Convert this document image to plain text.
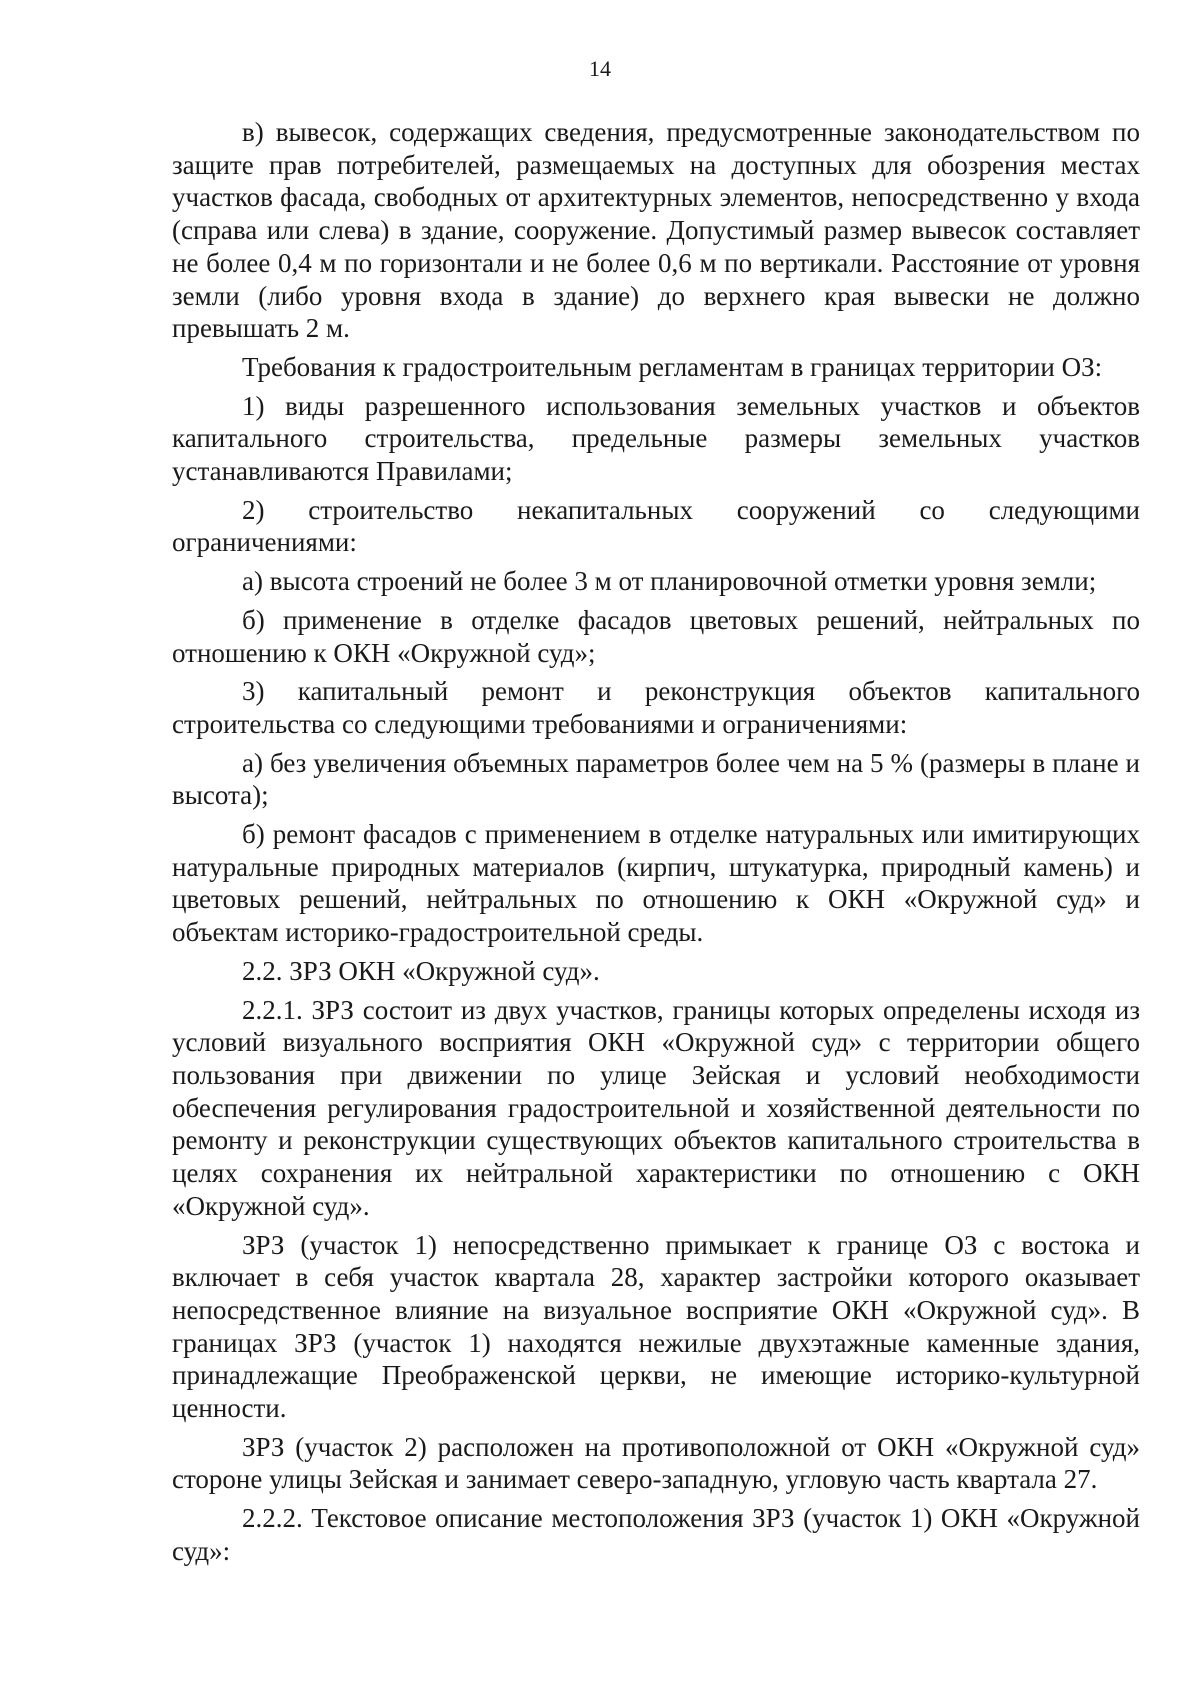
14

в) вывесок, содержащих сведения, предусмотренные законодательством по защите прав потребителей, размещаемых на доступных для обозрения местах участков фасада, свободных от архитектурных элементов, непосредственно у входа (справа или слева) в здание, сооружение. Допустимый размер вывесок составляет не более 0,4 м по горизонтали и не более 0,6 м по вертикали. Расстояние от уровня земли (либо уровня входа в здание) до верхнего края вывески не должно превышать 2 м.

Требования к градостроительным регламентам в границах территории ОЗ:

1) виды разрешенного использования земельных участков и объектов капитального строительства, предельные размеры земельных участков устанавливаются Правилами;

2) строительство некапитальных сооружений со следующими ограничениями:

а) высота строений не более 3 м от планировочной отметки уровня земли;

б) применение в отделке фасадов цветовых решений, нейтральных по отношению к ОКН «Окружной суд»;

3) капитальный ремонт и реконструкция объектов капитального строительства со следующими требованиями и ограничениями:

а) без увеличения объемных параметров более чем на 5 % (размеры в плане и высота);

б) ремонт фасадов с применением в отделке натуральных или имитирующих натуральные природных материалов (кирпич, штукатурка, природный камень) и цветовых решений, нейтральных по отношению к ОКН «Окружной суд» и объектам историко-градостроительной среды.

2.2. ЗРЗ ОКН «Окружной суд».

2.2.1. ЗРЗ состоит из двух участков, границы которых определены исходя из условий визуального восприятия ОКН «Окружной суд» с территории общего пользования при движении по улице Зейская и условий необходимости обеспечения регулирования градостроительной и хозяйственной деятельности по ремонту и реконструкции существующих объектов капитального строительства в целях сохранения их нейтральной характеристики по отношению с ОКН «Окружной суд».

ЗРЗ (участок 1) непосредственно примыкает к границе ОЗ с востока и включает в себя участок квартала 28, характер застройки которого оказывает непосредственное влияние на визуальное восприятие ОКН «Окружной суд». В границах ЗРЗ (участок 1) находятся нежилые двухэтажные каменные здания, принадлежащие Преображенской церкви, не имеющие историко-культурной ценности.

ЗРЗ (участок 2) расположен на противоположной от ОКН «Окружной суд» стороне улицы Зейская и занимает северо-западную, угловую часть квартала 27.

2.2.2. Текстовое описание местоположения ЗРЗ (участок 1) ОКН «Окружной суд»:
